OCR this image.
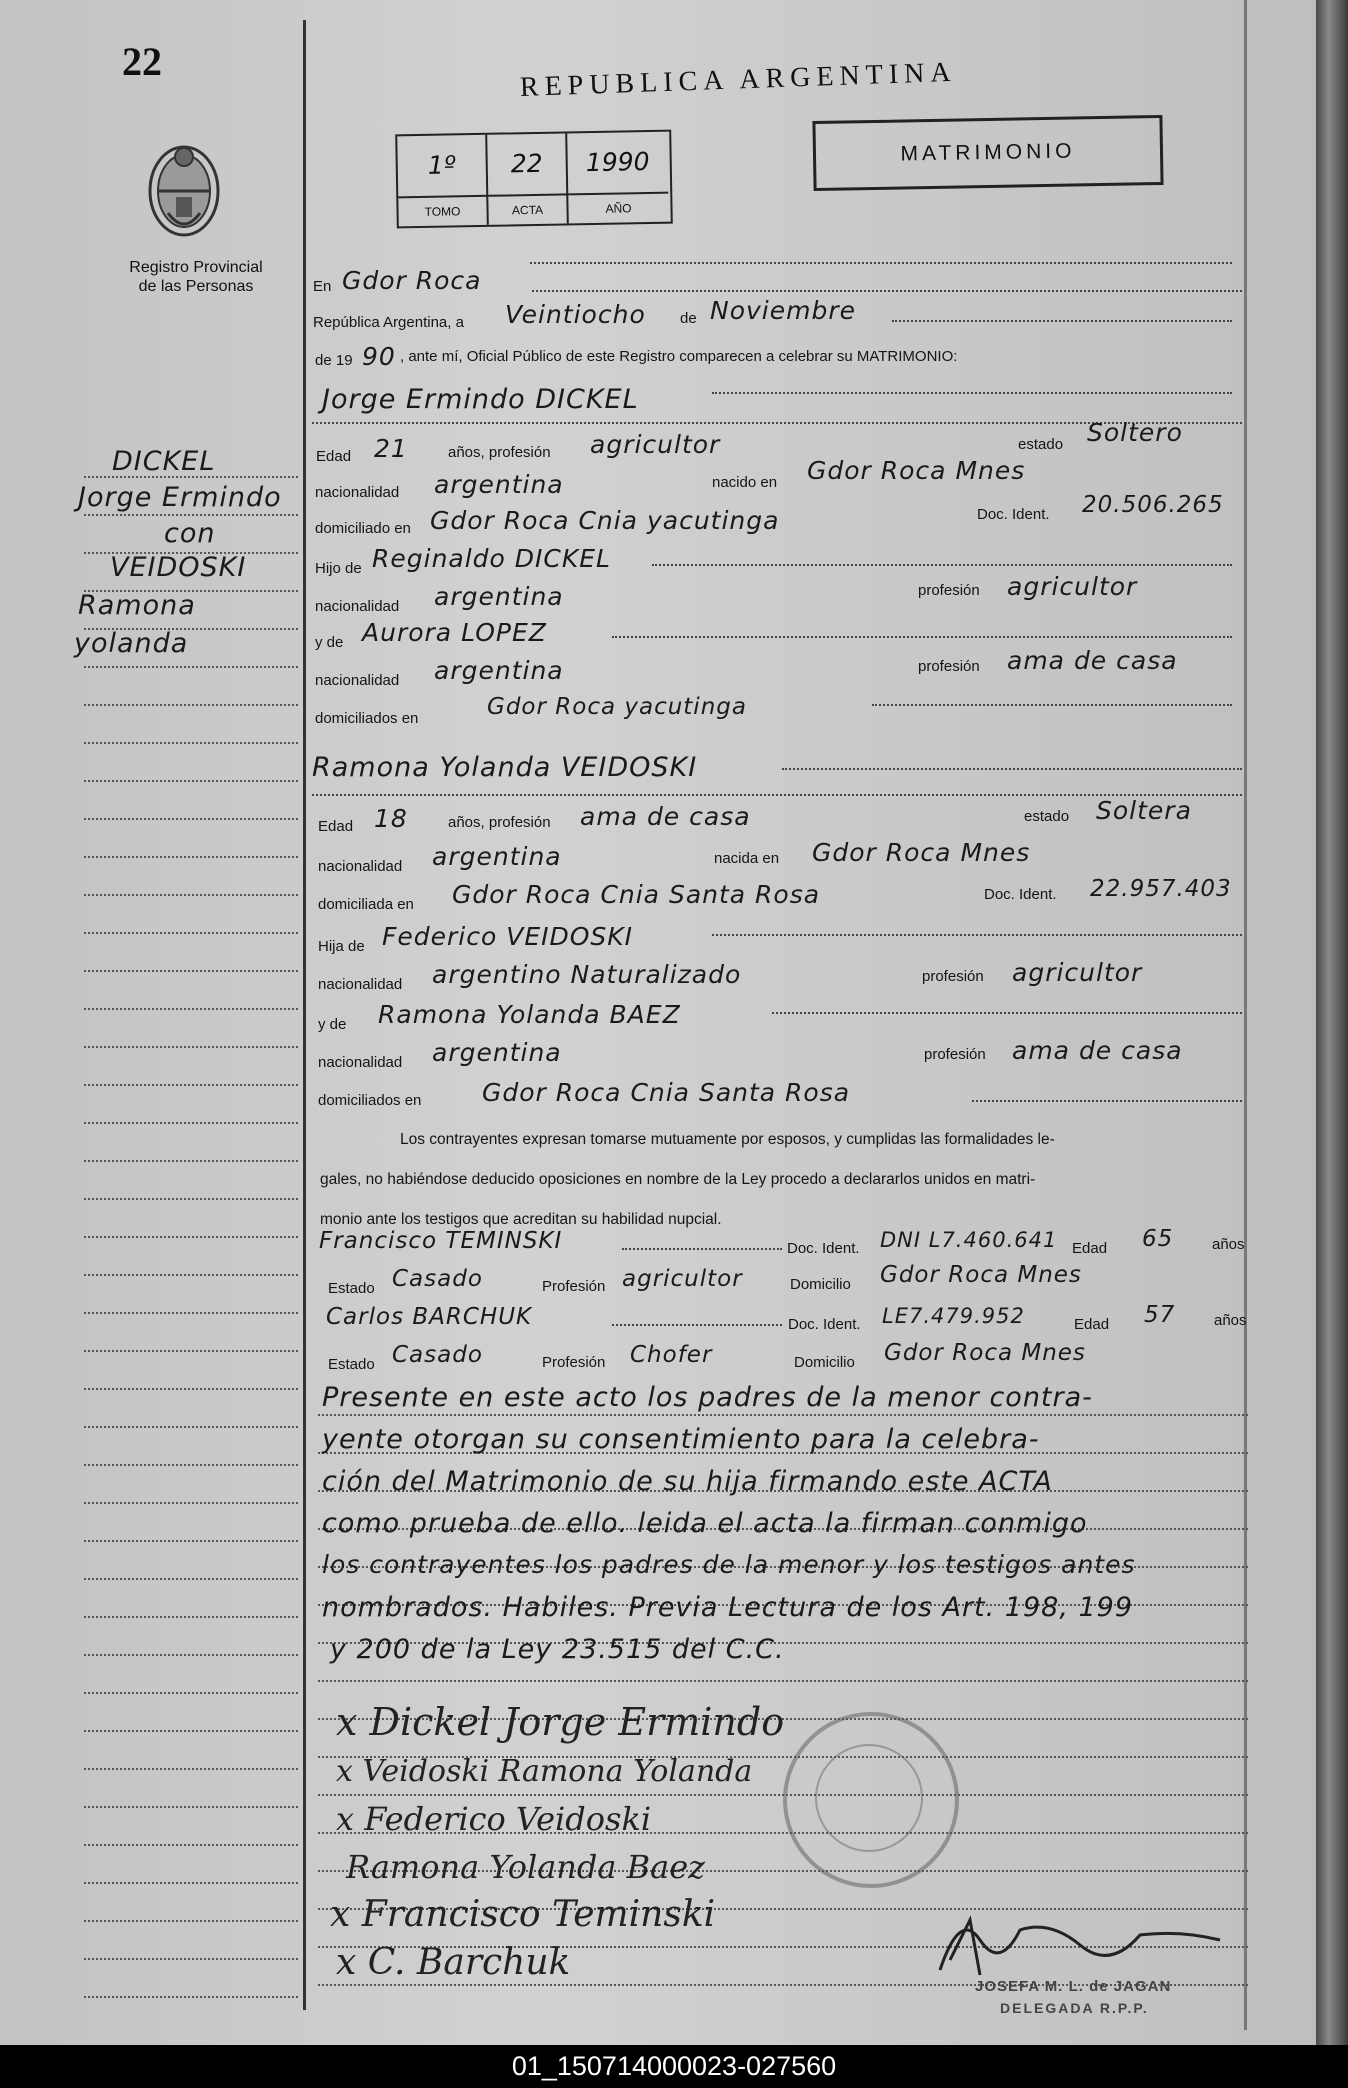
22
Registro Provincial
de las Personas
REPUBLICA ARGENTINA
MATRIMONIO
1º	22	1990
TOMO	ACTA	AÑO
En Gdor Roca
República Argentina, a Veintiocho de Noviembre
de 19 90 , ante mí, Oficial Público de este Registro comparecen a celebrar su MATRIMONIO:
Jorge Ermindo DICKEL
Edad 21	años, profesión agricultor	estado Soltero
nacionalidad argentina	nacido en Gdor Roca Mnes
domiciliado en Gdor Roca Cnia yacutinga	Doc. Ident. 20.506.265
Hijo de Reginaldo DICKEL
nacionalidad argentina	profesión agricultor
y de Aurora LOPEZ
nacionalidad argentina	profesión ama de casa
domiciliados en	Gdor Roca yacutinga
Ramona Yolanda VEIDOSKI
Edad 18	años, profesión ama de casa	estado Soltera
nacionalidad argentina	nacida en Gdor Roca Mnes
domiciliada en Gdor Roca Cnia Santa Rosa	Doc. Ident. 22.957.403
Hija de Federico VEIDOSKI
nacionalidad argentino Naturalizado	profesión agricultor
y de Ramona Yolanda BAEZ
nacionalidad argentina	profesión ama de casa
domiciliados en Gdor Roca Cnia Santa Rosa
Los contrayentes expresan tomarse mutuamente por esposos, y cumplidas las formalidades le-
gales, no habiéndose deducido oposiciones en nombre de la Ley procedo a declararlos unidos en matri-
monio ante los testigos que acreditan su habilidad nupcial.
Francisco TEMINSKI	Doc. Ident. DNI L7.460.641 Edad 65	años
Estado Casado	Profesión agricultor	Domicilio Gdor Roca Mnes
Carlos BARCHUK	Doc. Ident. LE7.479.952	Edad 57	años
Estado Casado	Profesión Chofer	Domicilio Gdor Roca Mnes
Presente en este acto los padres de la menor contra-
yente otorgan su consentimiento para la celebra-
ción del Matrimonio de su hija firmando este ACTA
como prueba de ello. leida el acta la firman conmigo
los contrayentes los padres de la menor y los testigos antes
nombrados. Habiles. Previa Lectura de los Art. 198, 199
y 200 de la Ley 23.515 del C.C.
DICKEL
Jorge Ermindo
con
VEIDOSKI
Ramona
yolanda
x Dickel Jorge Ermindo
x Veidoski Ramona Yolanda
x Federico Veidoski
Ramona Yolanda Baez
x Francisco Teminski
x C. Barchuk
JOSEFA M. L. de JAGAN
DELEGADA R.P.P.
01_150714000023-027560
